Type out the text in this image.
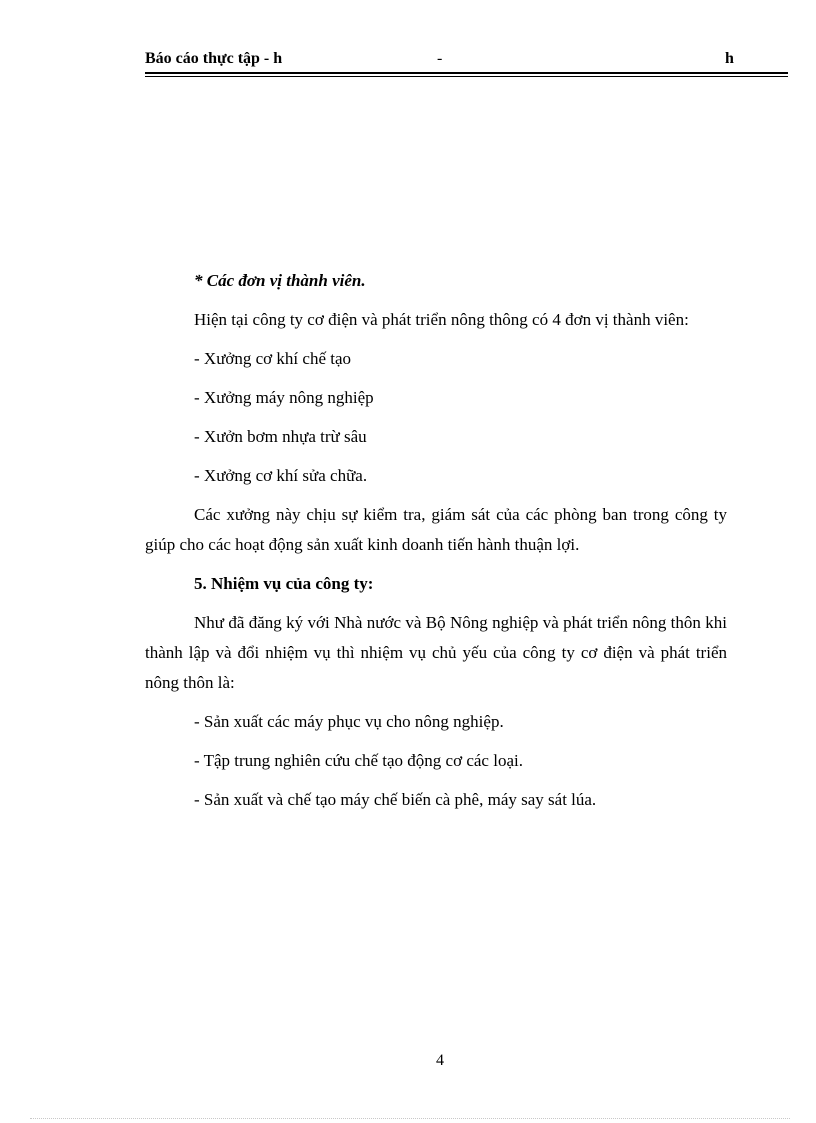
Báo cáo thực tập - h	-	h

* Các đơn vị thành viên.

Hiện tại công ty cơ điện và phát triển nông thông có 4 đơn vị thành viên:

- Xưởng cơ khí chế tạo

- Xưởng máy nông nghiệp

- Xưởn bơm nhựa trừ sâu

- Xưởng cơ khí sửa chữa.

Các xưởng này chịu sự kiểm tra, giám sát của các phòng ban trong công ty giúp cho các hoạt động sản xuất kinh doanh tiến hành thuận lợi.

5. Nhiệm vụ của công ty:

Như đã đăng ký với Nhà nước và Bộ Nông nghiệp và phát triển nông thôn khi thành lập và đổi nhiệm vụ thì nhiệm vụ chủ yếu của công ty cơ điện và phát triển nông thôn là:

- Sản xuất các máy phục vụ cho nông nghiệp.

- Tập trung nghiên cứu chế tạo động cơ các loại.

- Sản xuất và chế tạo máy chế biến cà phê, máy say sát lúa.

4
